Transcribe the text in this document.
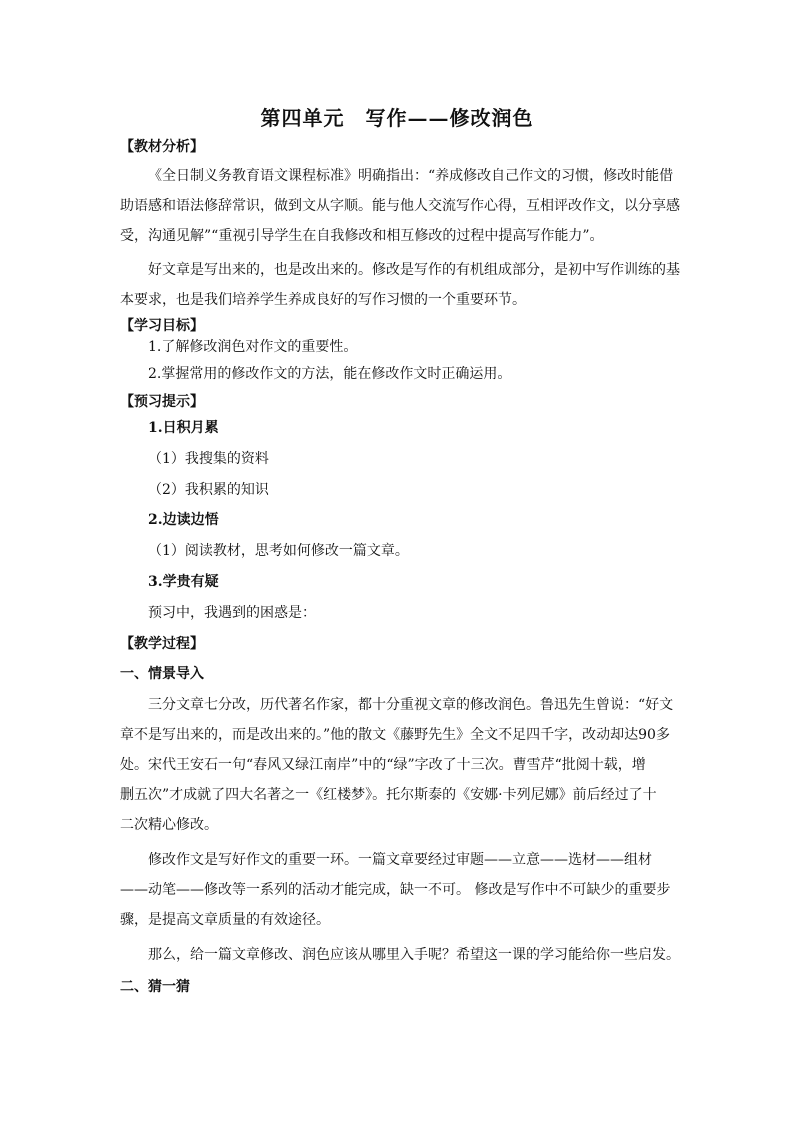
第四单元　写作——修改润色
【教材分析】
《全日制义务教育语文课程标准》明确指出：“养成修改自己作文的习惯，修改时能借
助语感和语法修辞常识，做到文从字顺。能与他人交流写作心得，互相评改作文，以分享感
受，沟通见解”“重视引导学生在自我修改和相互修改的过程中提高写作能力”。
好文章是写出来的，也是改出来的。修改是写作的有机组成部分，是初中写作训练的基
本要求，也是我们培养学生养成良好的写作习惯的一个重要环节。
【学习目标】
1.了解修改润色对作文的重要性。
2.掌握常用的修改作文的方法，能在修改作文时正确运用。
【预习提示】
1.日积月累
（1）我搜集的资料
（2）我积累的知识
2.边读边悟
（1）阅读教材，思考如何修改一篇文章。
3.学贵有疑
预习中，我遇到的困惑是：
【教学过程】
一、情景导入
三分文章七分改，历代著名作家，都十分重视文章的修改润色。鲁迅先生曾说：“好文
章不是写出来的，而是改出来的。”他的散文《藤野先生》全文不足四千字，改动却达90多
处。宋代王安石一句“春风又绿江南岸”中的“绿”字改了十三次。曹雪芹“批阅十载，增
删五次”才成就了四大名著之一《红楼梦》。托尔斯泰的《安娜·卡列尼娜》前后经过了十
二次精心修改。
修改作文是写好作文的重要一环。一篇文章要经过审题——立意——选材——组材
——动笔——修改等一系列的活动才能完成，缺一不可。 修改是写作中不可缺少的重要步
骤，是提高文章质量的有效途径。
那么，给一篇文章修改、润色应该从哪里入手呢？希望这一课的学习能给你一些启发。
二、猜一猜
